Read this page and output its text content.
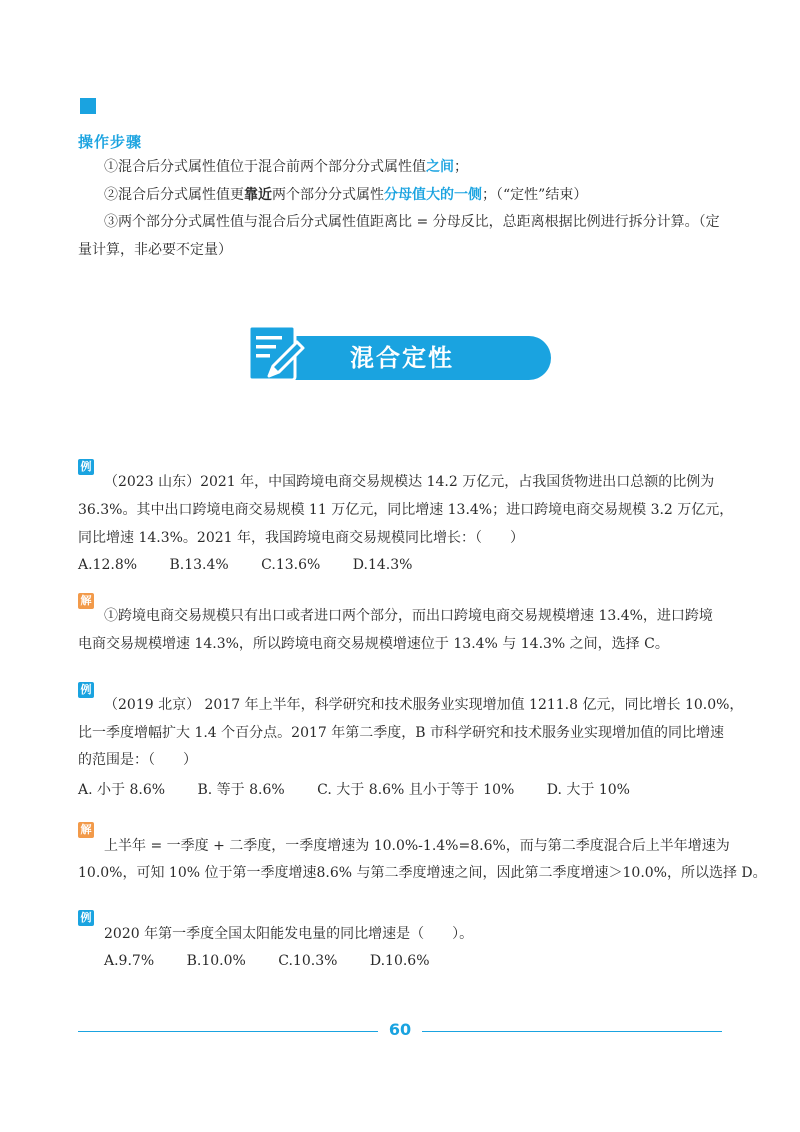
操作步骤
①混合后分式属性值位于混合前两个部分分式属性值之间；
②混合后分式属性值更靠近两个部分分式属性分母值大的一侧；（“定性”结束）
③两个部分分式属性值与混合后分式属性值距离比 = 分母反比，总距离根据比例进行拆分计算。（定
量计算，非必要不定量）
混合定性
例
（2023 山东）2021 年，中国跨境电商交易规模达 14.2 万亿元，占我国货物进出口总额的比例为
36.3%。其中出口跨境电商交易规模 11 万亿元，同比增速 13.4%；进口跨境电商交易规模 3.2 万亿元，
同比增速 14.3%。2021 年，我国跨境电商交易规模同比增长：（　　）
A.12.8% B.13.4% C.13.6% D.14.3%
解
①跨境电商交易规模只有出口或者进口两个部分，而出口跨境电商交易规模增速 13.4%，进口跨境
电商交易规模增速 14.3%，所以跨境电商交易规模增速位于 13.4% 与 14.3% 之间，选择 C。
例
（2019 北京） 2017 年上半年，科学研究和技术服务业实现增加值 1211.8 亿元，同比增长 10.0%，
比一季度增幅扩大 1.4 个百分点。2017 年第二季度，B 市科学研究和技术服务业实现增加值的同比增速
的范围是：（　　）
A. 小于 8.6% B. 等于 8.6% C. 大于 8.6% 且小于等于 10% D. 大于 10%
解
上半年 = 一季度 + 二季度，一季度增速为 10.0%-1.4%=8.6%，而与第二季度混合后上半年增速为
10.0%，可知 10% 位于第一季度增速8.6% 与第二季度增速之间，因此第二季度增速＞10.0%，所以选择 D。
例
2020 年第一季度全国太阳能发电量的同比增速是（　　）。
A.9.7% B.10.0% C.10.3% D.10.6%
60
